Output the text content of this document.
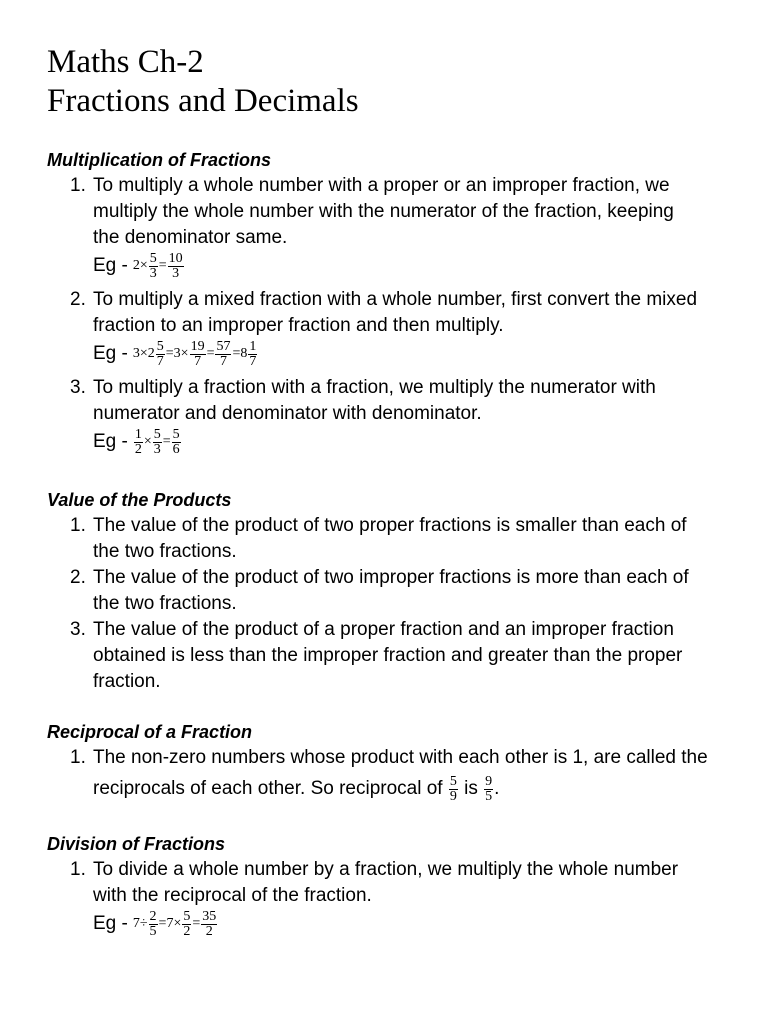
Maths Ch-2
Fractions and Decimals
Multiplication of Fractions
1. To multiply a whole number with a proper or an improper fraction, we
multiply the whole number with the numerator of the fraction, keeping
the denominator same.
$Eg - 2\times \frac{5}{3} = \frac{10}{3}$
2. To multiply a mixed fraction with a whole number, first convert the mixed
fraction to an improper fraction and then multiply.
$Eg - 3\times 2 \frac{5}{7} =3\times \frac{19}{7} = \frac{57}{7} =8 \frac{1}{7}$
3. To multiply a fraction with a fraction, we multiply the numerator with
numerator and denominator with denominator.
$Eg - \frac{1}{2} \times \frac{5}{3} = \frac{5}{6}$
Value of the Products
1. The value of the product of two proper fractions is smaller than each of
the two fractions.
2. The value of the product of two improper fractions is more than each of
the two fractions.
3. The value of the product of a proper fraction and an improper fraction
obtained is less than the improper fraction and greater than the proper
fraction.
Reciprocal of a Fraction
1. The non-zero numbers whose product with each other is 1, are called the
reciprocals of each other. So reciprocal of $\frac{5}{9}$ is $\frac{9}{5}$ .
Division of Fractions
1. To divide a whole number by a fraction, we multiply the whole number
with the reciprocal of the fraction.
$Eg - 7\div \frac{2}{5} =7\times \frac{5}{2} = \frac{35}{2}$
